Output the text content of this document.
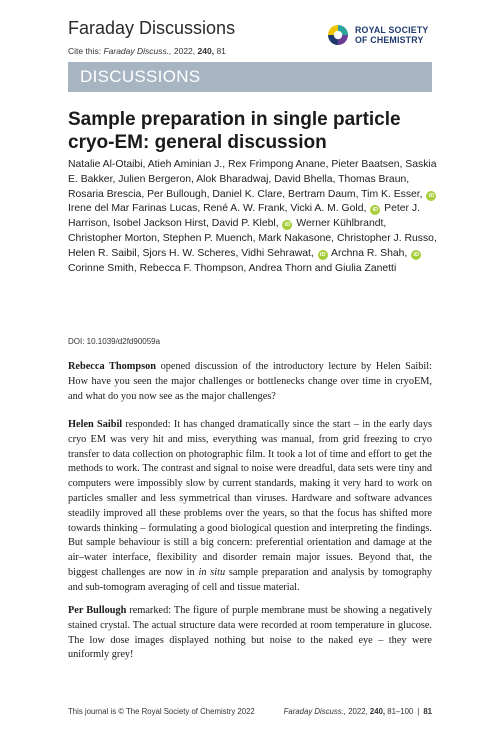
Faraday Discussions
Cite this: Faraday Discuss., 2022, 240, 81
ROYAL SOCIETY
OF CHEMISTRY
DISCUSSIONS
Sample preparation in single particle cryo-EM: general discussion
Natalie Al-Otaibi, Atieh Aminian J., Rex Frimpong Anane, Pieter Baatsen, Saskia E. Bakker, Julien Bergeron, Alok Bharadwaj, David Bhella, Thomas Braun, Rosaria Brescia, Per Bullough, Daniel K. Clare, Bertram Daum, Tim K. Esser, iD Irene del Mar Farinas Lucas, René A. W. Frank, Vicki A. M. Gold, iD Peter J. Harrison, Isobel Jackson Hirst, David P. Klebl, iD Werner Kühlbrandt, Christopher Morton, Stephen P. Muench, Mark Nakasone, Christopher J. Russo, Helen R. Saibil, Sjors H. W. Scheres, Vidhi Sehrawat, iD Archna R. Shah, iD Corinne Smith, Rebecca F. Thompson, Andrea Thorn and Giulia Zanetti
DOI: 10.1039/d2fd90059a

Rebecca Thompson opened discussion of the introductory lecture by Helen Saibil: How have you seen the major challenges or bottlenecks change over time in cryoEM, and what do you now see as the major challenges?

Helen Saibil responded: It has changed dramatically since the start – in the early days cryo EM was very hit and miss, everything was manual, from grid freezing to cryo transfer to data collection on photographic film. It took a lot of time and effort to get the methods to work. The contrast and signal to noise were dreadful, data sets were tiny and computers were impossibly slow by current standards, making it very hard to work on particles smaller and less symmetrical than viruses. Hardware and software advances steadily improved all these problems over the years, so that the focus has shifted more towards thinking – formulating a good biological question and interpreting the findings. But sample behaviour is still a big concern: preferential orientation and damage at the air–water interface, flexibility and disorder remain major issues. Beyond that, the biggest challenges are now in in situ sample preparation and analysis by tomography and sub-tomogram averaging of cell and tissue material.

Per Bullough remarked: The figure of purple membrane must be showing a negatively stained crystal. The actual structure data were recorded at room temperature in glucose. The low dose images displayed nothing but noise to the naked eye – they were uniformly grey!

This journal is © The Royal Society of Chemistry 2022	Faraday Discuss., 2022, 240, 81–100 | 81
